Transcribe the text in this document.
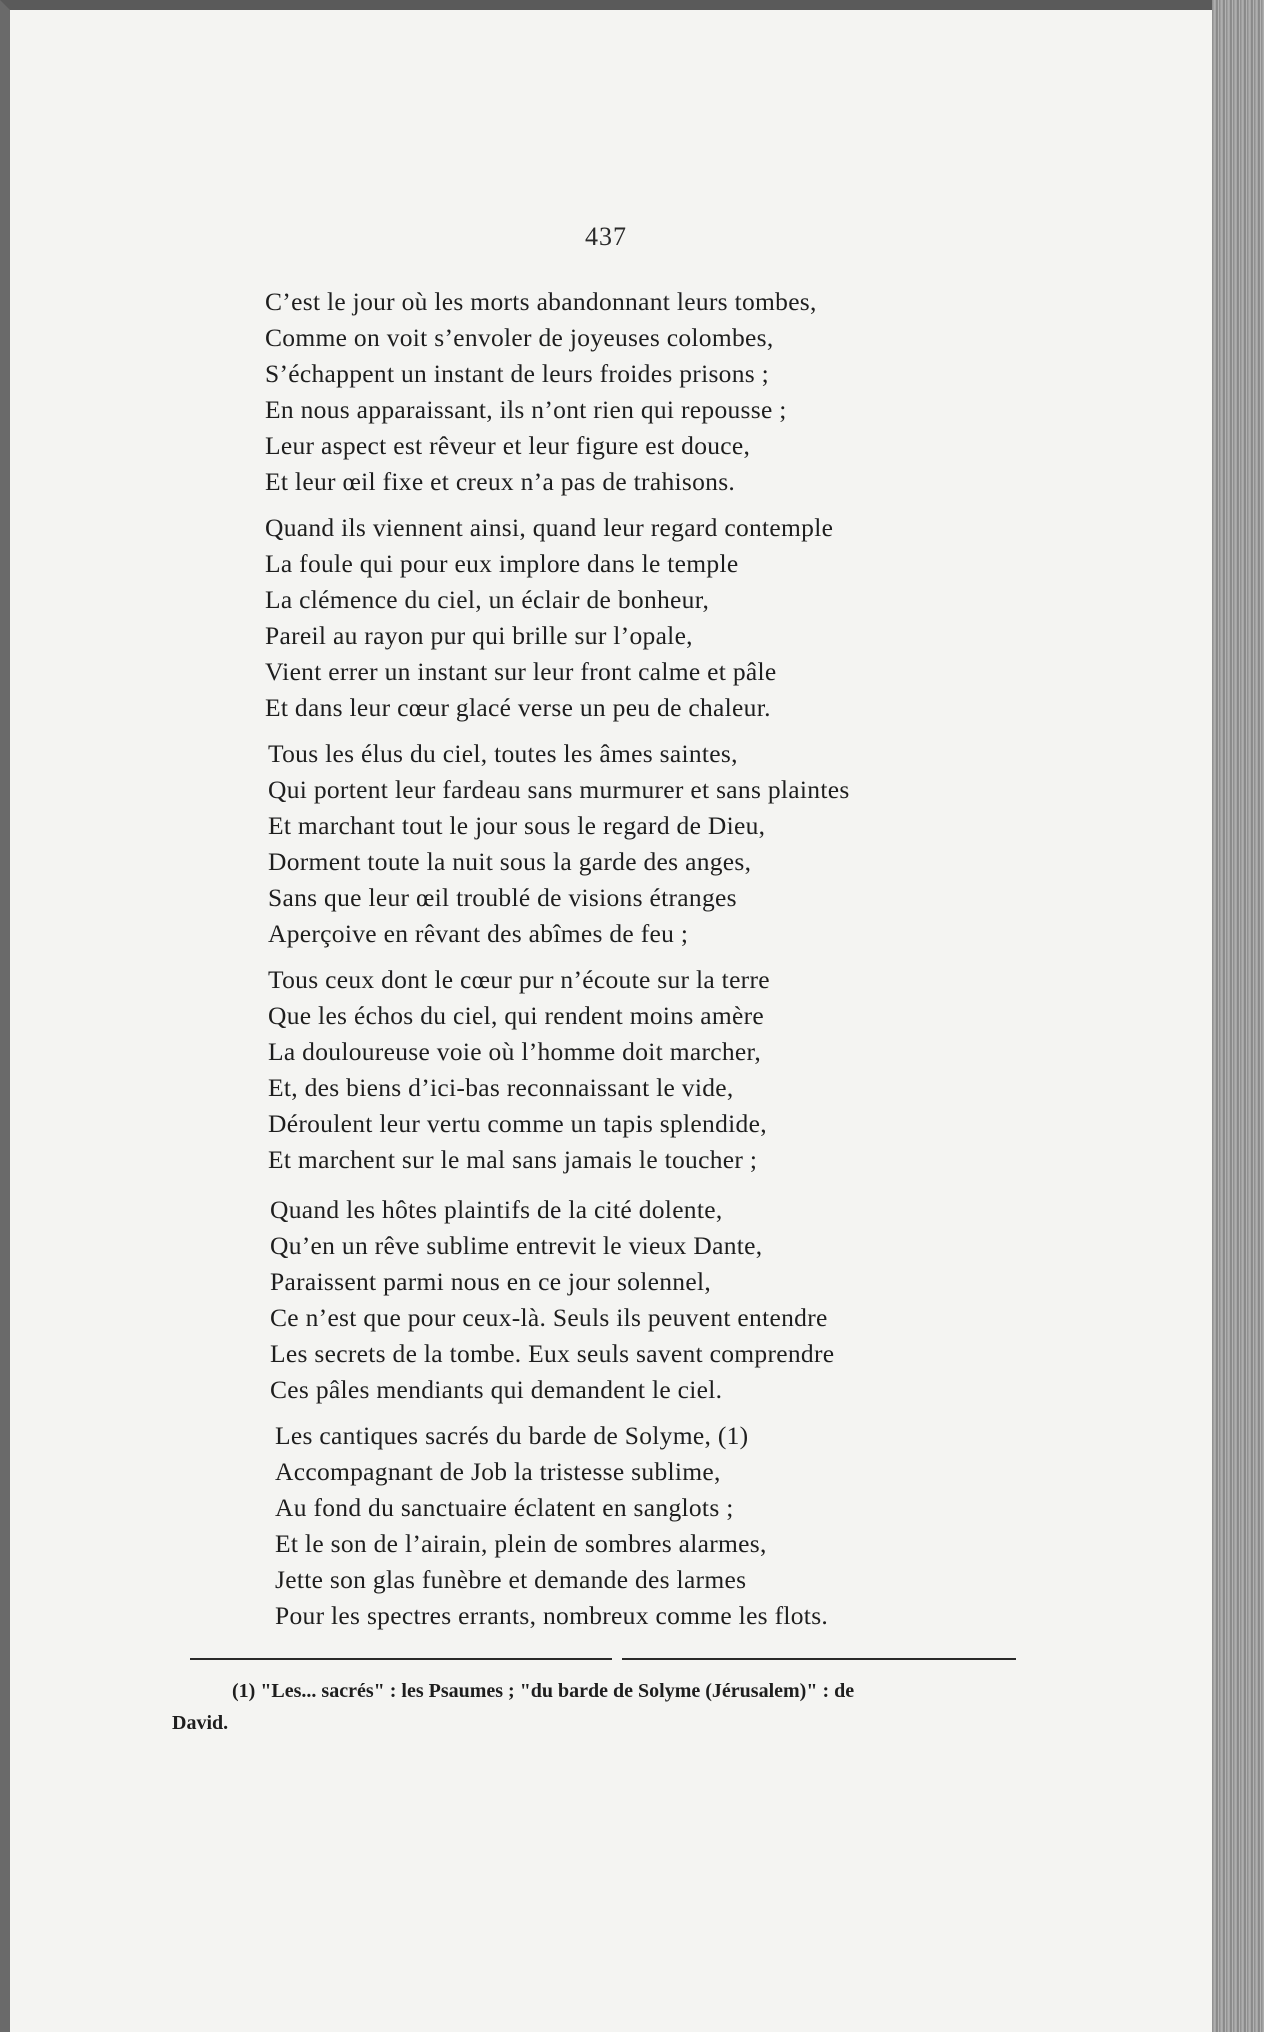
437
C’est le jour où les morts abandonnant leurs tombes,
Comme on voit s’envoler de joyeuses colombes,
S’échappent un instant de leurs froides prisons ;
En nous apparaissant, ils n’ont rien qui repousse ;
Leur aspect est rêveur et leur figure est douce,
Et leur œil fixe et creux n’a pas de trahisons.
Quand ils viennent ainsi, quand leur regard contemple
La foule qui pour eux implore dans le temple
La clémence du ciel, un éclair de bonheur,
Pareil au rayon pur qui brille sur l’opale,
Vient errer un instant sur leur front calme et pâle
Et dans leur cœur glacé verse un peu de chaleur.
Tous les élus du ciel, toutes les âmes saintes,
Qui portent leur fardeau sans murmurer et sans plaintes
Et marchant tout le jour sous le regard de Dieu,
Dorment toute la nuit sous la garde des anges,
Sans que leur œil troublé de visions étranges
Aperçoive en rêvant des abîmes de feu ;
Tous ceux dont le cœur pur n’écoute sur la terre
Que les échos du ciel, qui rendent moins amère
La douloureuse voie où l’homme doit marcher,
Et, des biens d’ici-bas reconnaissant le vide,
Déroulent leur vertu comme un tapis splendide,
Et marchent sur le mal sans jamais le toucher ;
Quand les hôtes plaintifs de la cité dolente,
Qu’en un rêve sublime entrevit le vieux Dante,
Paraissent parmi nous en ce jour solennel,
Ce n’est que pour ceux-là. Seuls ils peuvent entendre
Les secrets de la tombe. Eux seuls savent comprendre
Ces pâles mendiants qui demandent le ciel.
Les cantiques sacrés du barde de Solyme, (1)
Accompagnant de Job la tristesse sublime,
Au fond du sanctuaire éclatent en sanglots ;
Et le son de l’airain, plein de sombres alarmes,
Jette son glas funèbre et demande des larmes
Pour les spectres errants, nombreux comme les flots.
(1) "Les... sacrés" : les Psaumes ; "du barde de Solyme (Jérusalem)" : de
David.
